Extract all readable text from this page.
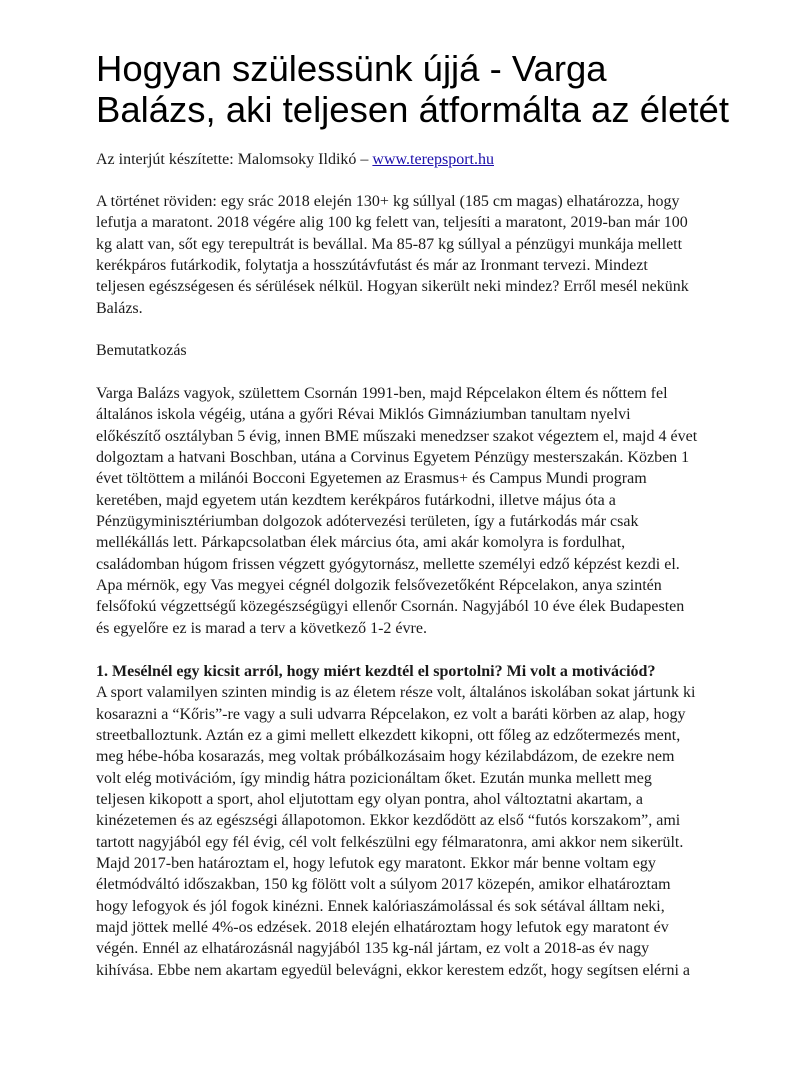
Hogyan szülessünk újjá - Varga
Balázs, aki teljesen átformálta az életét
Az interjút készítette: Malomsoky Ildikó – www.terepsport.hu
A történet röviden: egy srác 2018 elején 130+ kg súllyal (185 cm magas) elhatározza, hogy
lefutja a maratont. 2018 végére alig 100 kg felett van, teljesíti a maratont, 2019-ban már 100
kg alatt van, sőt egy terepultrát is bevállal. Ma 85-87 kg súllyal a pénzügyi munkája mellett
kerékpáros futárkodik, folytatja a hosszútávfutást és már az Ironmant tervezi. Mindezt
teljesen egészségesen és sérülések nélkül. Hogyan sikerült neki mindez? Erről mesél nekünk
Balázs.
Bemutatkozás
Varga Balázs vagyok, születtem Csornán 1991-ben, majd Répcelakon éltem és nőttem fel
általános iskola végéig, utána a győri Révai Miklós Gimnáziumban tanultam nyelvi
előkészítő osztályban 5 évig, innen BME műszaki menedzser szakot végeztem el, majd 4 évet
dolgoztam a hatvani Boschban, utána a Corvinus Egyetem Pénzügy mesterszakán. Közben 1
évet töltöttem a milánói Bocconi Egyetemen az Erasmus+ és Campus Mundi program
keretében, majd egyetem után kezdtem kerékpáros futárkodni, illetve május óta a
Pénzügyminisztériumban dolgozok adótervezési területen, így a futárkodás már csak
mellékállás lett. Párkapcsolatban élek március óta, ami akár komolyra is fordulhat,
családomban húgom frissen végzett gyógytornász, mellette személyi edző képzést kezdi el.
Apa mérnök, egy Vas megyei cégnél dolgozik felsővezetőként Répcelakon, anya szintén
felsőfokú végzettségű közegészségügyi ellenőr Csornán. Nagyjából 10 éve élek Budapesten
és egyelőre ez is marad a terv a következő 1-2 évre.
1. Mesélnél egy kicsit arról, hogy miért kezdtél el sportolni? Mi volt a motivációd?
A sport valamilyen szinten mindig is az életem része volt, általános iskolában sokat jártunk ki
kosarazni a “Kőris”-re vagy a suli udvarra Répcelakon, ez volt a baráti körben az alap, hogy
streetballoztunk. Aztán ez a gimi mellett elkezdett kikopni, ott főleg az edzőtermezés ment,
meg hébe-hóba kosarazás, meg voltak próbálkozásaim hogy kézilabdázom, de ezekre nem
volt elég motivációm, így mindig hátra pozicionáltam őket. Ezután munka mellett meg
teljesen kikopott a sport, ahol eljutottam egy olyan pontra, ahol változtatni akartam, a
kinézetemen és az egészségi állapotomon. Ekkor kezdődött az első “futós korszakom”, ami
tartott nagyjából egy fél évig, cél volt felkészülni egy félmaratonra, ami akkor nem sikerült.
Majd 2017-ben határoztam el, hogy lefutok egy maratont. Ekkor már benne voltam egy
életmódváltó időszakban, 150 kg fölött volt a súlyom 2017 közepén, amikor elhatároztam
hogy lefogyok és jól fogok kinézni. Ennek kalóriaszámolással és sok sétával álltam neki,
majd jöttek mellé 4%-os edzések. 2018 elején elhatároztam hogy lefutok egy maratont év
végén. Ennél az elhatározásnál nagyjából 135 kg-nál jártam, ez volt a 2018-as év nagy
kihívása. Ebbe nem akartam egyedül belevágni, ekkor kerestem edzőt, hogy segítsen elérni a
